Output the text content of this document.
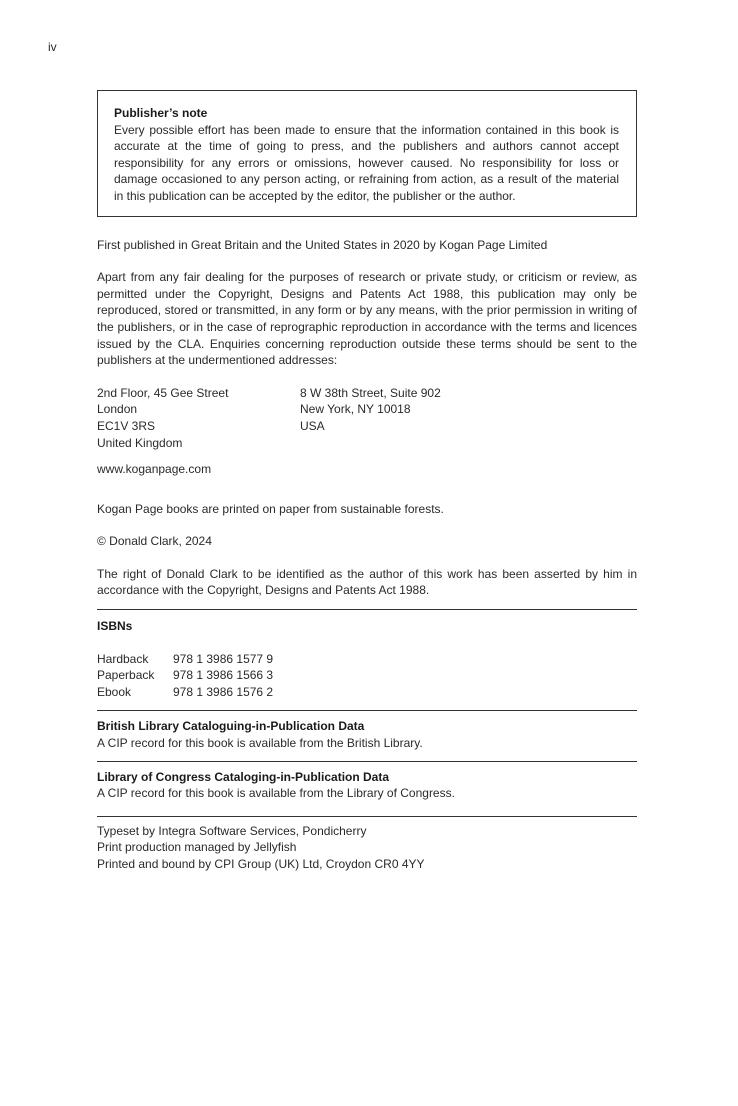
iv

Publisher’s note

Every possible effort has been made to ensure that the information contained in this book is accurate at the time of going to press, and the publishers and authors cannot accept responsibility for any errors or omissions, however caused. No responsibility for loss or damage occasioned to any person acting, or refraining from action, as a result of the material in this publication can be accepted by the editor, the publisher or the author.

First published in Great Britain and the United States in 2020 by Kogan Page Limited

Apart from any fair dealing for the purposes of research or private study, or criticism or review, as permitted under the Copyright, Designs and Patents Act 1988, this publication may only be reproduced, stored or transmitted, in any form or by any means, with the prior permission in writing of the publishers, or in the case of reprographic reproduction in accordance with the terms and licences issued by the CLA. Enquiries concerning reproduction outside these terms should be sent to the publishers at the undermentioned addresses:

2nd Floor, 45 Gee Street
London
EC1V 3RS
United Kingdom
8 W 38th Street, Suite 902
New York, NY 10018
USA

www.koganpage.com

Kogan Page books are printed on paper from sustainable forests.

© Donald Clark, 2024

The right of Donald Clark to be identified as the author of this work has been asserted by him in accordance with the Copyright, Designs and Patents Act 1988.

ISBNs

Hardback	978 1 3986 1577 9
Paperback	978 1 3986 1566 3
Ebook	978 1 3986 1576 2

British Library Cataloguing-in-Publication Data

A CIP record for this book is available from the British Library.

Library of Congress Cataloging-in-Publication Data

A CIP record for this book is available from the Library of Congress.

Typeset by Integra Software Services, Pondicherry

Print production managed by Jellyfish

Printed and bound by CPI Group (UK) Ltd, Croydon CR0 4YY
